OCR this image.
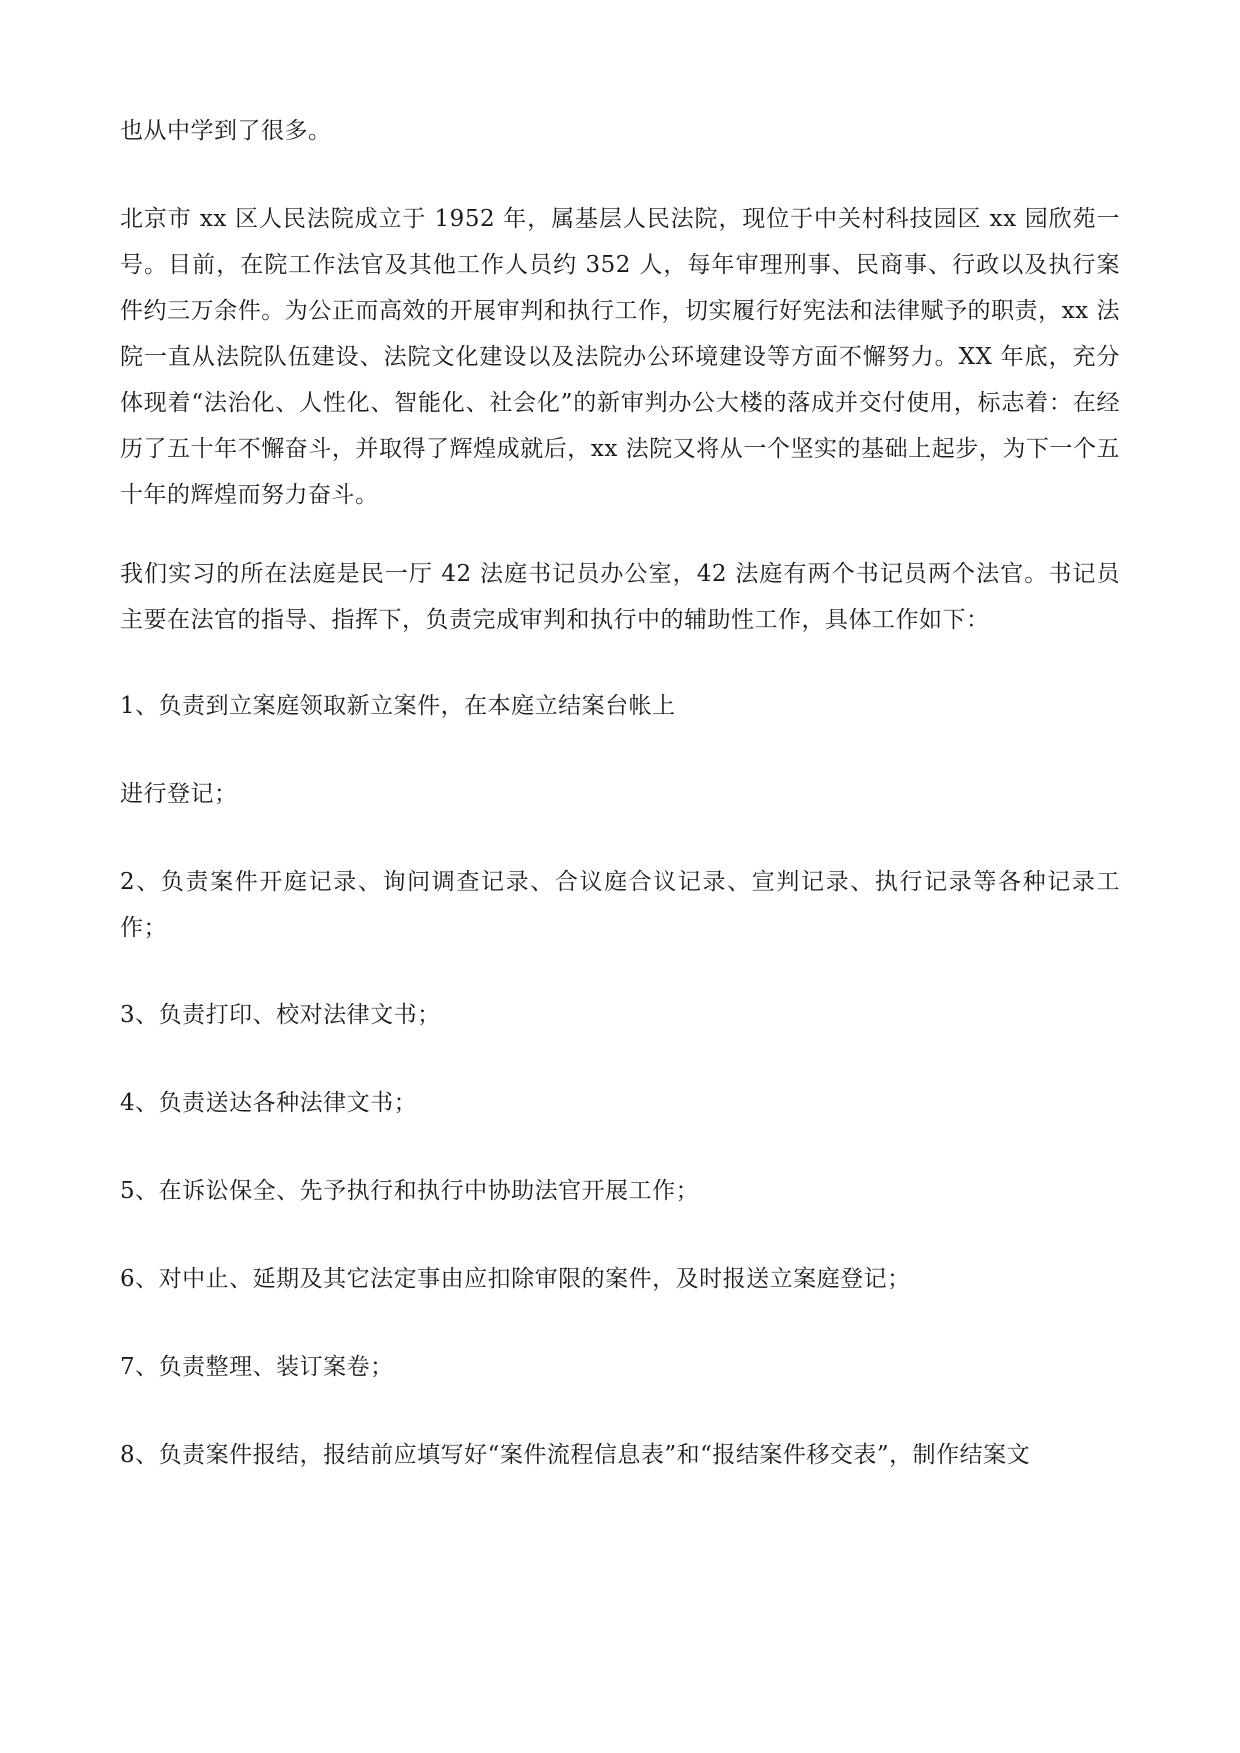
也从中学到了很多。

北京市 xx 区人民法院成立于 1952 年，属基层人民法院，现位于中关村科技园区 xx 园欣苑一号。目前，在院工作法官及其他工作人员约 352 人，每年审理刑事、民商事、行政以及执行案件约三万余件。为公正而高效的开展审判和执行工作，切实履行好宪法和法律赋予的职责，xx 法院一直从法院队伍建设、法院文化建设以及法院办公环境建设等方面不懈努力。XX 年底，充分体现着“法治化、人性化、智能化、社会化”的新审判办公大楼的落成并交付使用，标志着：在经历了五十年不懈奋斗，并取得了辉煌成就后，xx 法院又将从一个坚实的基础上起步，为下一个五十年的辉煌而努力奋斗。

我们实习的所在法庭是民一厅 42 法庭书记员办公室，42 法庭有两个书记员两个法官。书记员主要在法官的指导、指挥下，负责完成审判和执行中的辅助性工作，具体工作如下：

1、负责到立案庭领取新立案件，在本庭立结案台帐上

进行登记；

2、负责案件开庭记录、询问调查记录、合议庭合议记录、宣判记录、执行记录等各种记录工作；

3、负责打印、校对法律文书；

4、负责送达各种法律文书；

5、在诉讼保全、先予执行和执行中协助法官开展工作；

6、对中止、延期及其它法定事由应扣除审限的案件，及时报送立案庭登记；

7、负责整理、装订案卷；

8、负责案件报结，报结前应填写好“案件流程信息表”和“报结案件移交表”，制作结案文
